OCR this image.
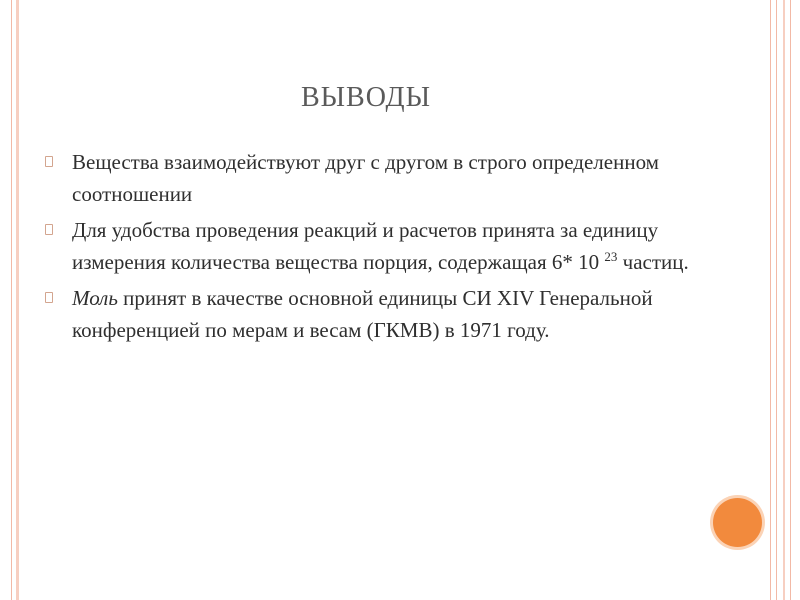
ВЫВОДЫ
Вещества взаимодействуют друг с другом в строго определенном соотношении
Для удобства проведения реакций и расчетов принята за единицу измерения количества вещества порция, содержащая 6* 10 $^{23}$ частиц.
Моль принят в качестве основной единицы СИ XIV Генеральной конференцией по мерам и весам (ГКМВ) в 1971 году.
